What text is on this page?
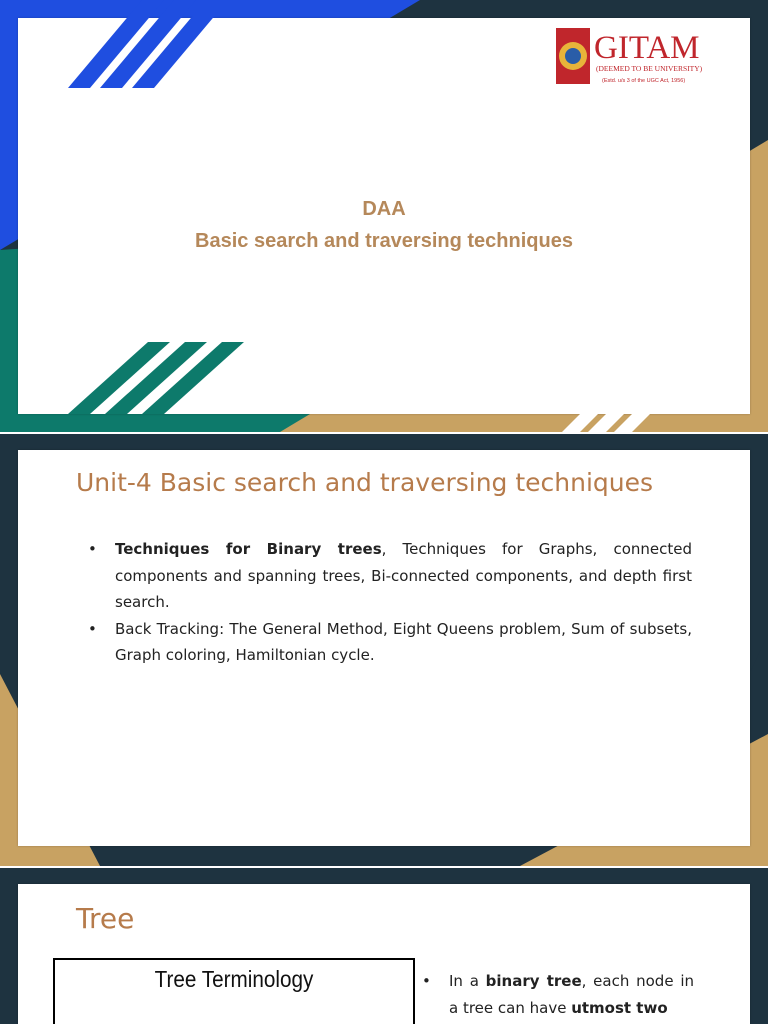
GITAM
(DEEMED TO BE UNIVERSITY)
(Estd. u/s 3 of the UGC Act, 1956)
DAA
Basic search and traversing techniques
Unit-4 Basic search and traversing techniques
• Techniques for Binary trees, Techniques for Graphs, connected components and spanning trees, Bi-connected components, and depth first search.
• Back Tracking: The General Method, Eight Queens problem, Sum of subsets, Graph coloring, Hamiltonian cycle.
Tree
Tree Terminology
•	In a binary tree, each node in a tree can have utmost two
